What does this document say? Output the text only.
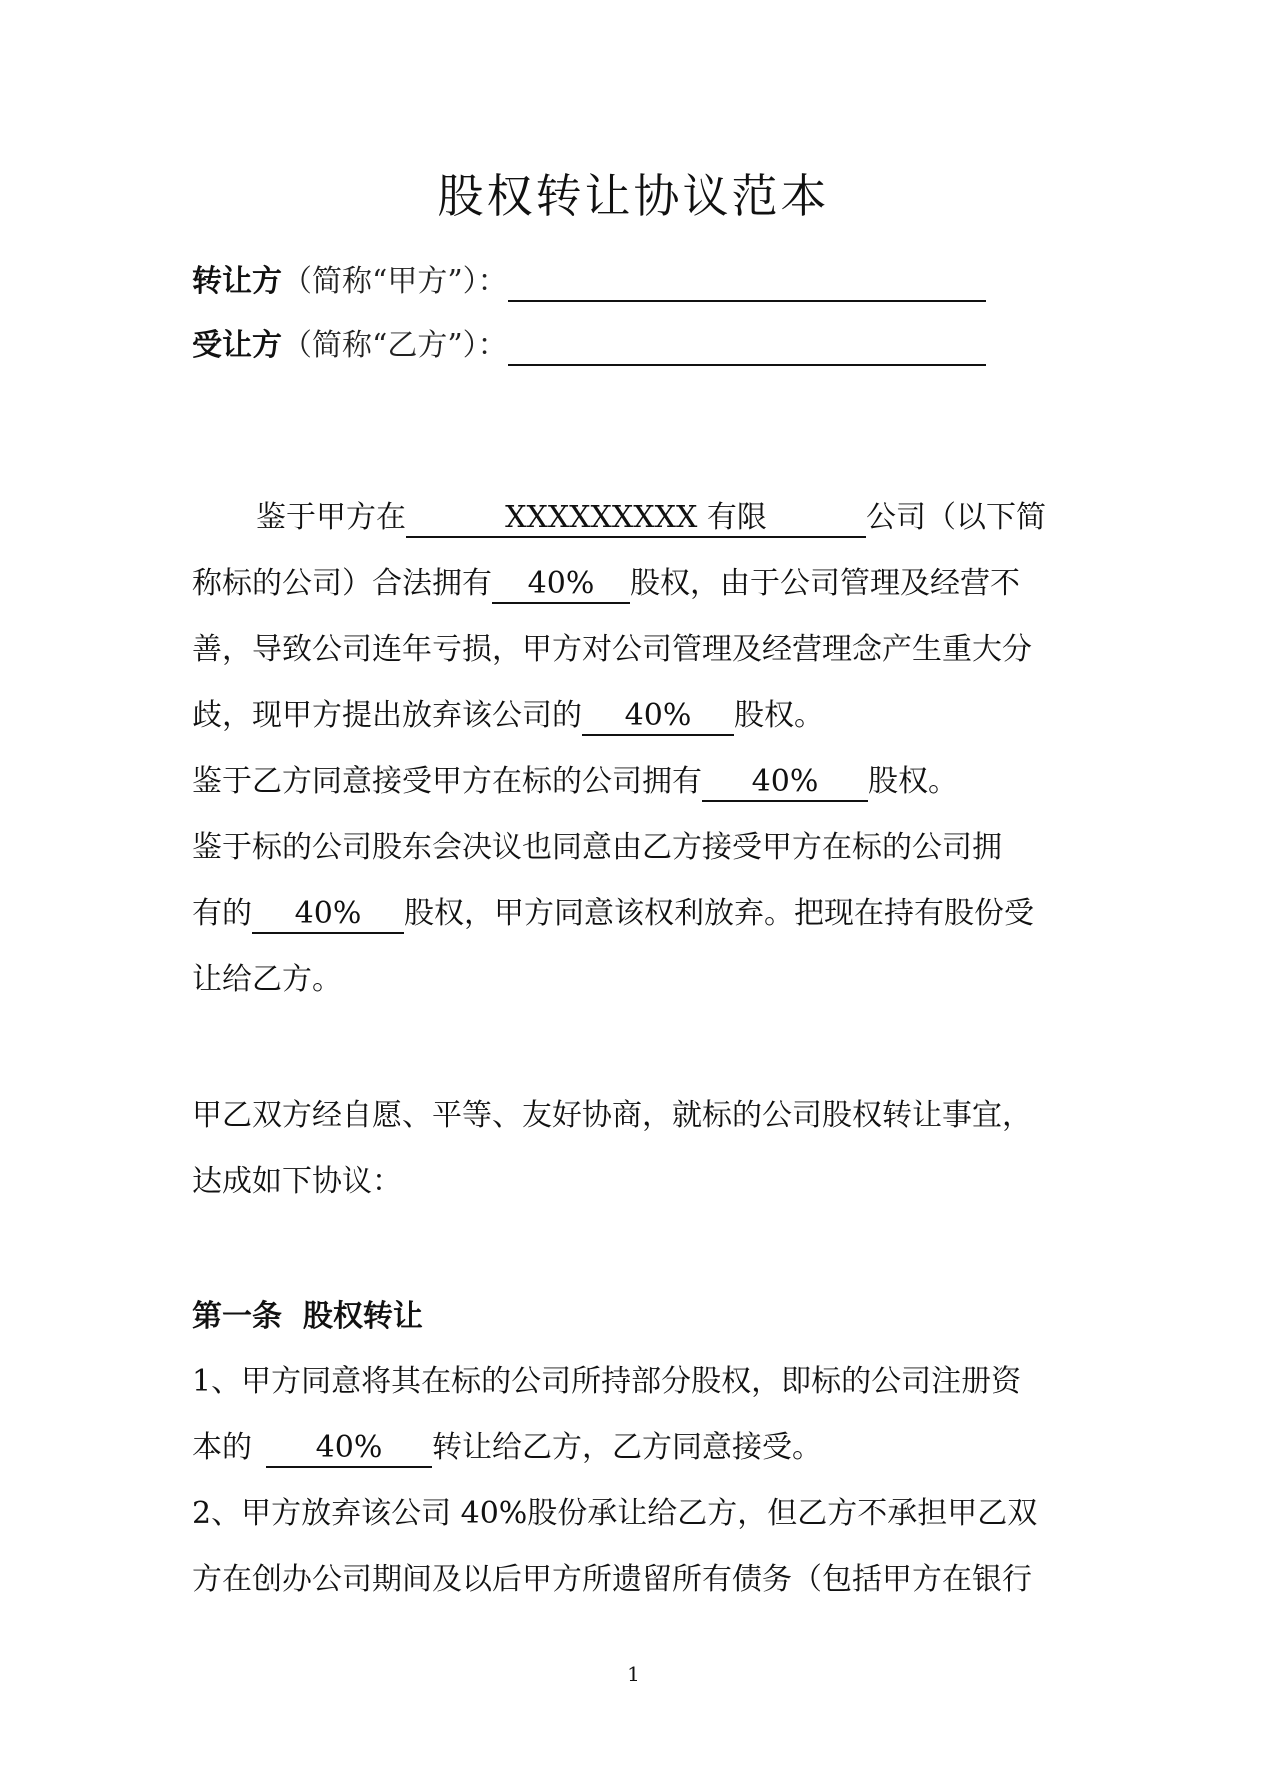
股权转让协议范本
转让方（简称“甲方”）：
受让方（简称“乙方”）：
鉴于甲方在	XXXXXXXXX 有限	公司（以下简
称标的公司）合法拥有 40% 股权，由于公司管理及经营不
善，导致公司连年亏损，甲方对公司管理及经营理念产生重大分
歧，现甲方提出放弃该公司的 40% 股权。
鉴于乙方同意接受甲方在标的公司拥有 40% 股权。
鉴于标的公司股东会决议也同意由乙方接受甲方在标的公司拥
有的 40% 股权，甲方同意该权利放弃。把现在持有股份受
让给乙方。
甲乙双方经自愿、平等、友好协商，就标的公司股权转让事宜，
达成如下协议：
第一条  股权转让
1、甲方同意将其在标的公司所持部分股权，即标的公司注册资
本的 40% 转让给乙方，乙方同意接受。
2、甲方放弃该公司 40%股份承让给乙方，但乙方不承担甲乙双
方在创办公司期间及以后甲方所遗留所有债务（包括甲方在银行
1
